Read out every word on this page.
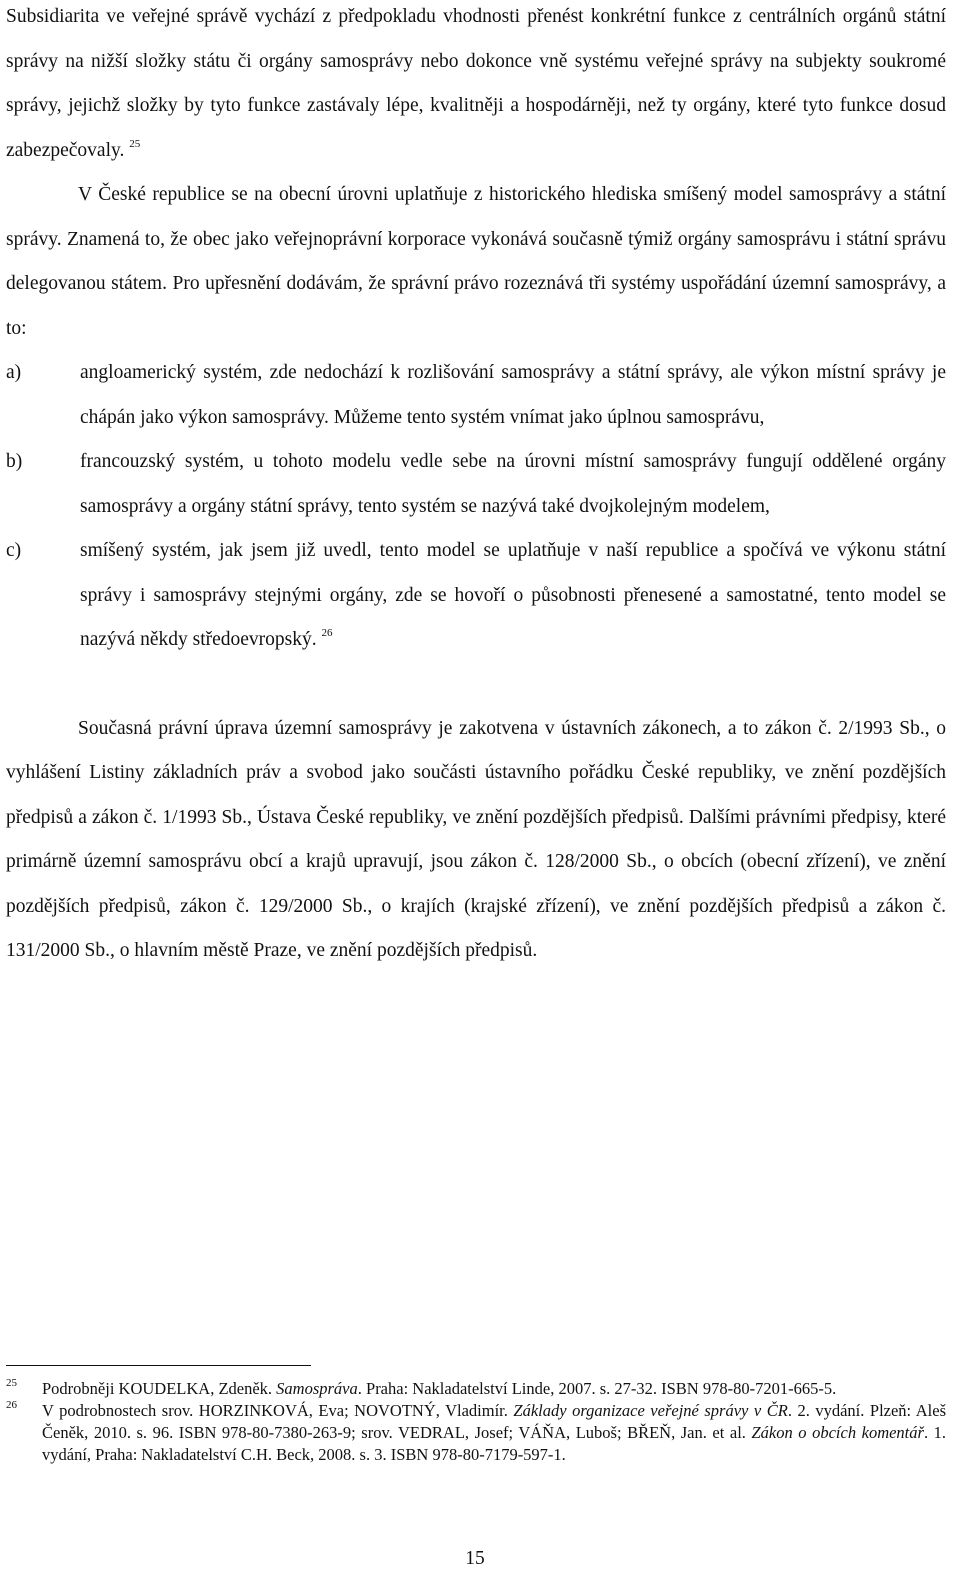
Subsidiarita ve veřejné správě vychází z předpokladu vhodnosti přenést konkrétní funkce z centrálních orgánů státní správy na nižší složky státu či orgány samosprávy nebo dokonce vně systému veřejné správy na subjekty soukromé správy, jejichž složky by tyto funkce zastávaly lépe, kvalitněji a hospodárněji, než ty orgány, které tyto funkce dosud zabezpečovaly. $^{25}$

V České republice se na obecní úrovni uplatňuje z historického hlediska smíšený model samosprávy a státní správy. Znamená to, že obec jako veřejnoprávní korporace vykonává současně týmiž orgány samosprávu i státní správu delegovanou státem. Pro upřesnění dodávám, že správní právo rozeznává tři systémy uspořádání územní samosprávy, a to:

a)	angloamerický systém, zde nedochází k rozlišování samosprávy a státní správy, ale výkon místní správy je chápán jako výkon samosprávy. Můžeme tento systém vnímat jako úplnou samosprávu,
b)	francouzský systém, u tohoto modelu vedle sebe na úrovni místní samosprávy fungují oddělené orgány samosprávy a orgány státní správy, tento systém se nazývá také dvojkolejným modelem,
c)	smíšený systém, jak jsem již uvedl, tento model se uplatňuje v naší republice a spočívá ve výkonu státní správy i samosprávy stejnými orgány, zde se hovoří o působnosti přenesené a samostatné, tento model se nazývá někdy středoevropský. $^{26}$

Současná právní úprava územní samosprávy je zakotvena v ústavních zákonech, a to zákon č. 2/1993 Sb., o vyhlášení Listiny základních práv a svobod jako součásti ústavního pořádku České republiky, ve znění pozdějších předpisů a zákon č. 1/1993 Sb., Ústava České republiky, ve znění pozdějších předpisů. Dalšími právními předpisy, které primárně územní samosprávu obcí a krajů upravují, jsou zákon č. 128/2000 Sb., o obcích (obecní zřízení), ve znění pozdějších předpisů, zákon č. 129/2000 Sb., o krajích (krajské zřízení), ve znění pozdějších předpisů a zákon č. 131/2000 Sb., o hlavním městě Praze, ve znění pozdějších předpisů.

25 Podrobněji KOUDELKA, Zdeněk. Samospráva. Praha: Nakladatelství Linde, 2007. s. 27-32. ISBN 978-80-7201-665-5.

26 V podrobnostech srov. HORZINKOVÁ, Eva; NOVOTNÝ, Vladimír. Základy organizace veřejné správy v ČR. 2. vydání. Plzeň: Aleš Čeněk, 2010. s. 96. ISBN 978-80-7380-263-9; srov. VEDRAL, Josef; VÁŇA, Luboš; BŘEŇ, Jan. et al. Zákon o obcích komentář. 1. vydání, Praha: Nakladatelství C.H. Beck, 2008. s. 3. ISBN 978-80-7179-597-1.

15
